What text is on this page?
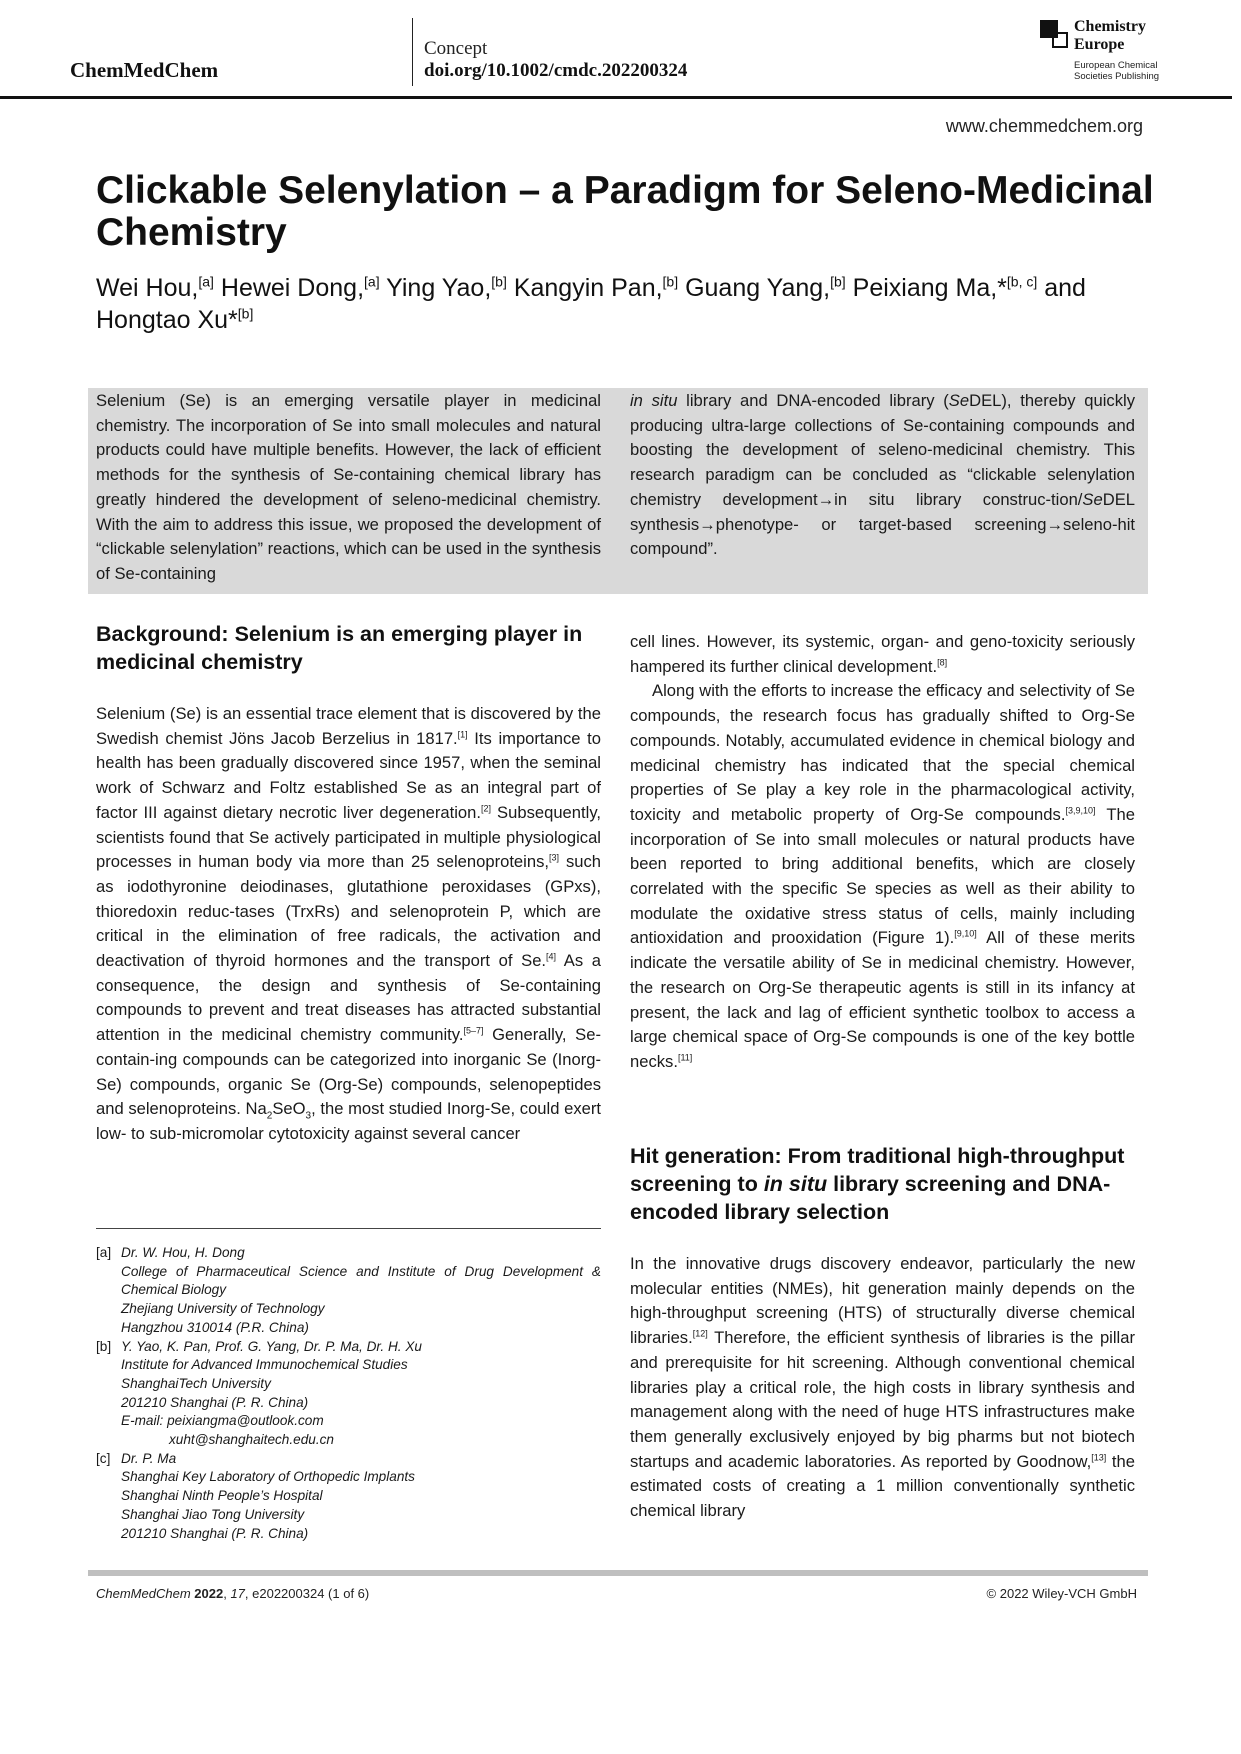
ChemMedChem
Concept
doi.org/10.1002/cmdc.202200324
Chemistry
Europe
European Chemical
Societies Publishing
www.chemmedchem.org
Clickable Selenylation – a Paradigm for Seleno-Medicinal Chemistry
Wei Hou,[a] Hewei Dong,[a] Ying Yao,[b] Kangyin Pan,[b] Guang Yang,[b] Peixiang Ma,*[b, c] and Hongtao Xu*[b]
Selenium (Se) is an emerging versatile player in medicinal chemistry. The incorporation of Se into small molecules and natural products could have multiple benefits. However, the lack of efficient methods for the synthesis of Se-containing chemical library has greatly hindered the development of seleno-medicinal chemistry. With the aim to address this issue, we proposed the development of “clickable selenylation” reactions, which can be used in the synthesis of Se-containing
in situ library and DNA-encoded library (SeDEL), thereby quickly producing ultra-large collections of Se-containing compounds and boosting the development of seleno-medicinal chemistry. This research paradigm can be concluded as “clickable selenylation chemistry development→in situ library construc-tion/SeDEL synthesis→phenotype- or target-based screening→seleno-hit compound”.
Background: Selenium is an emerging player in medicinal chemistry

Selenium (Se) is an essential trace element that is discovered by the Swedish chemist Jöns Jacob Berzelius in 1817.[1] Its importance to health has been gradually discovered since 1957, when the seminal work of Schwarz and Foltz established Se as an integral part of factor III against dietary necrotic liver degeneration.[2] Subsequently, scientists found that Se actively participated in multiple physiological processes in human body via more than 25 selenoproteins,[3] such as iodothyronine deiodinases, glutathione peroxidases (GPxs), thioredoxin reduc-tases (TrxRs) and selenoprotein P, which are critical in the elimination of free radicals, the activation and deactivation of thyroid hormones and the transport of Se.[4] As a consequence, the design and synthesis of Se-containing compounds to prevent and treat diseases has attracted substantial attention in the medicinal chemistry community.[5–7] Generally, Se-contain-ing compounds can be categorized into inorganic Se (Inorg-Se) compounds, organic Se (Org-Se) compounds, selenopeptides and selenoproteins. $Na_2SeO_3$, the most studied Inorg-Se, could exert low- to sub-micromolar cytotoxicity against several cancer

cell lines. However, its systemic, organ- and geno-toxicity seriously hampered its further clinical development.[8]

Along with the efforts to increase the efficacy and selectivity of Se compounds, the research focus has gradually shifted to Org-Se compounds. Notably, accumulated evidence in chemical biology and medicinal chemistry has indicated that the special chemical properties of Se play a key role in the pharmacological activity, toxicity and metabolic property of Org-Se compounds.[3,9,10] The incorporation of Se into small molecules or natural products have been reported to bring additional benefits, which are closely correlated with the specific Se species as well as their ability to modulate the oxidative stress status of cells, mainly including antioxidation and prooxidation (Figure 1).[9,10] All of these merits indicate the versatile ability of Se in medicinal chemistry. However, the research on Org-Se therapeutic agents is still in its infancy at present, the lack and lag of efficient synthetic toolbox to access a large chemical space of Org-Se compounds is one of the key bottle necks.[11]

Hit generation: From traditional high-throughput screening to in situ library screening and DNA-encoded library selection

In the innovative drugs discovery endeavor, particularly the new molecular entities (NMEs), hit generation mainly depends on the high-throughput screening (HTS) of structurally diverse chemical libraries.[12] Therefore, the efficient synthesis of libraries is the pillar and prerequisite for hit screening. Although conventional chemical libraries play a critical role, the high costs in library synthesis and management along with the need of huge HTS infrastructures make them generally exclusively enjoyed by big pharms but not biotech startups and academic laboratories. As reported by Goodnow,[13] the estimated costs of creating a 1 million conventionally synthetic chemical library

[a] Dr. W. Hou, H. Dong
College of Pharmaceutical Science and Institute of Drug Development & Chemical Biology
Zhejiang University of Technology
Hangzhou 310014 (P.R. China)
[b] Y. Yao, K. Pan, Prof. G. Yang, Dr. P. Ma, Dr. H. Xu
Institute for Advanced Immunochemical Studies
ShanghaiTech University
201210 Shanghai (P. R. China)
E-mail: peixiangma@outlook.com
xuht@shanghaitech.edu.cn
[c] Dr. P. Ma
Shanghai Key Laboratory of Orthopedic Implants
Shanghai Ninth People’s Hospital
Shanghai Jiao Tong University
201210 Shanghai (P. R. China)
ChemMedChem 2022, 17, e202200324 (1 of 6)	© 2022 Wiley-VCH GmbH
